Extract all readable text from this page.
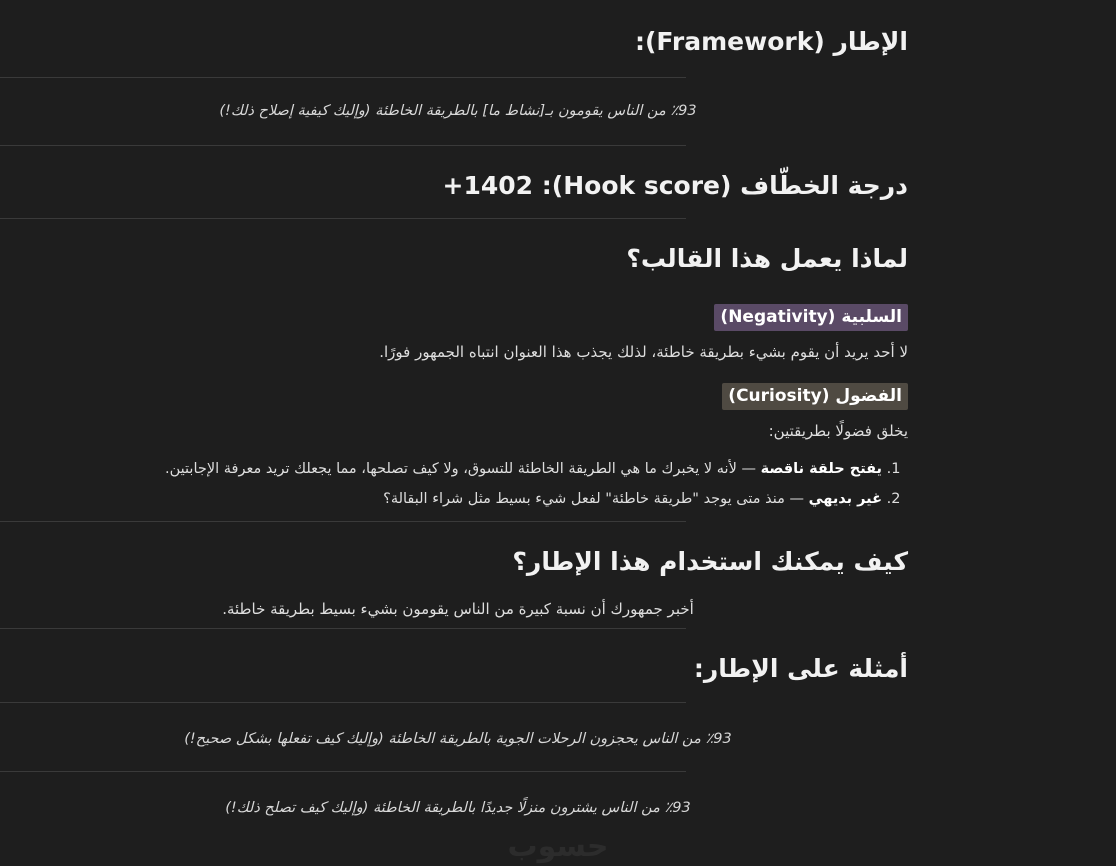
الإطار (Framework):
٪93 من الناس يقومون بـ[نشاط ما] بالطريقة الخاطئة (وإليك كيفية إصلاح ذلك!)
درجة الخطّاف (Hook score): 1402+
لماذا يعمل هذا القالب؟
السلبية (Negativity)
لا أحد يريد أن يقوم بشيء بطريقة خاطئة، لذلك يجذب هذا العنوان انتباه الجمهور فورًا.
الفضول (Curiosity)
يخلق فضولًا بطريقتين:
1. يفتح حلقة ناقصة — لأنه لا يخبرك ما هي الطريقة الخاطئة للتسوق، ولا كيف تصلحها، مما يجعلك تريد معرفة الإجابتين.
2. غير بديهي — منذ متى يوجد "طريقة خاطئة" لفعل شيء بسيط مثل شراء البقالة؟
كيف يمكنك استخدام هذا الإطار؟
أخبر جمهورك أن نسبة كبيرة من الناس يقومون بشيء بسيط بطريقة خاطئة.
أمثلة على الإطار:
٪93 من الناس يحجزون الرحلات الجوية بالطريقة الخاطئة (وإليك كيف تفعلها بشكل صحيح!)
٪93 من الناس يشترون منزلًا جديدًا بالطريقة الخاطئة (وإليك كيف تصلح ذلك!)
حسوب
